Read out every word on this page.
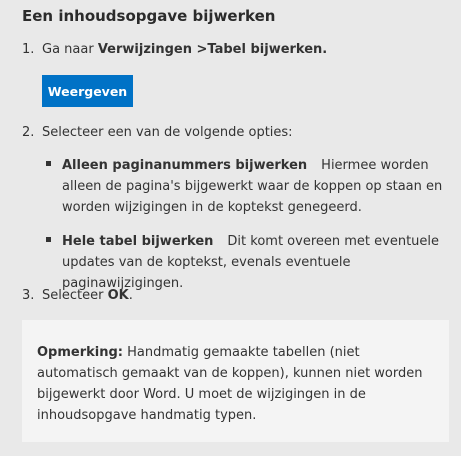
Een inhoudsopgave bijwerken
1. Ga naar Verwijzingen >Tabel bijwerken.
Weergeven
2. Selecteer een van de volgende opties:
Alleen paginanummers bijwerken Hiermee worden alleen de pagina's bijgewerkt waar de koppen op staan en worden wijzigingen in de koptekst genegeerd.
Hele tabel bijwerken Dit komt overeen met eventuele updates van de koptekst, evenals eventuele paginawijzigingen.
3. Selecteer OK.
Opmerking: Handmatig gemaakte tabellen (niet automatisch gemaakt van de koppen), kunnen niet worden bijgewerkt door Word. U moet de wijzigingen in de inhoudsopgave handmatig typen.
